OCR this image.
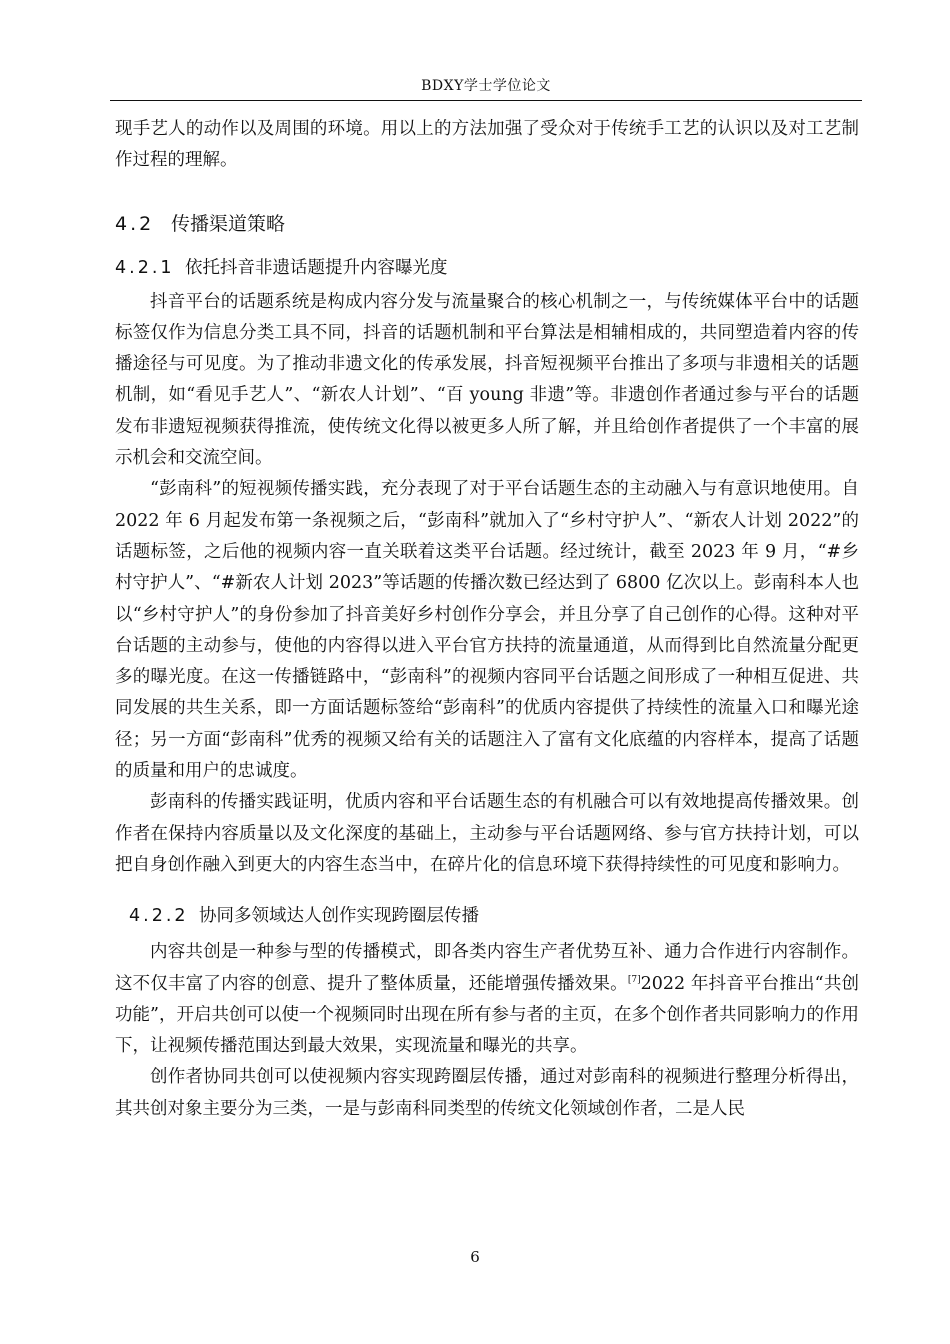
BDXY学士学位论文

现手艺人的动作以及周围的环境。用以上的方法加强了受众对于传统手工艺的认识以及对工艺制作过程的理解。

4.2 传播渠道策略
4.2.1 依托抖音非遗话题提升内容曝光度

抖音平台的话题系统是构成内容分发与流量聚合的核心机制之一，与传统媒体平台中的话题标签仅作为信息分类工具不同，抖音的话题机制和平台算法是相辅相成的，共同塑造着内容的传播途径与可见度。为了推动非遗文化的传承发展，抖音短视频平台推出了多项与非遗相关的话题机制，如“看见手艺人”、“新农人计划”、“百 young 非遗”等。非遗创作者通过参与平台的话题发布非遗短视频获得推流，使传统文化得以被更多人所了解，并且给创作者提供了一个丰富的展示机会和交流空间。

“彭南科”的短视频传播实践，充分表现了对于平台话题生态的主动融入与有意识地使用。自 2022 年 6 月起发布第一条视频之后，“彭南科”就加入了“乡村守护人”、“新农人计划 2022”的话题标签，之后他的视频内容一直关联着这类平台话题。经过统计，截至 2023 年 9 月，“#乡村守护人”、“#新农人计划 2023”等话题的传播次数已经达到了 6800 亿次以上。彭南科本人也以“乡村守护人”的身份参加了抖音美好乡村创作分享会，并且分享了自己创作的心得。这种对平台话题的主动参与，使他的内容得以进入平台官方扶持的流量通道，从而得到比自然流量分配更多的曝光度。在这一传播链路中，“彭南科”的视频内容同平台话题之间形成了一种相互促进、共同发展的共生关系，即一方面话题标签给“彭南科”的优质内容提供了持续性的流量入口和曝光途径；另一方面“彭南科”优秀的视频又给有关的话题注入了富有文化底蕴的内容样本，提高了话题的质量和用户的忠诚度。

彭南科的传播实践证明，优质内容和平台话题生态的有机融合可以有效地提高传播效果。创作者在保持内容质量以及文化深度的基础上，主动参与平台话题网络、参与官方扶持计划，可以把自身创作融入到更大的内容生态当中，在碎片化的信息环境下获得持续性的可见度和影响力。

4.2.2 协同多领域达人创作实现跨圈层传播

内容共创是一种参与型的传播模式，即各类内容生产者优势互补、通力合作进行内容制作。这不仅丰富了内容的创意、提升了整体质量，还能增强传播效果。[7]2022 年抖音平台推出“共创功能”，开启共创可以使一个视频同时出现在所有参与者的主页，在多个创作者共同影响力的作用下，让视频传播范围达到最大效果，实现流量和曝光的共享。

创作者协同共创可以使视频内容实现跨圈层传播，通过对彭南科的视频进行整理分析得出，其共创对象主要分为三类，一是与彭南科同类型的传统文化领域创作者，二是人民

6
